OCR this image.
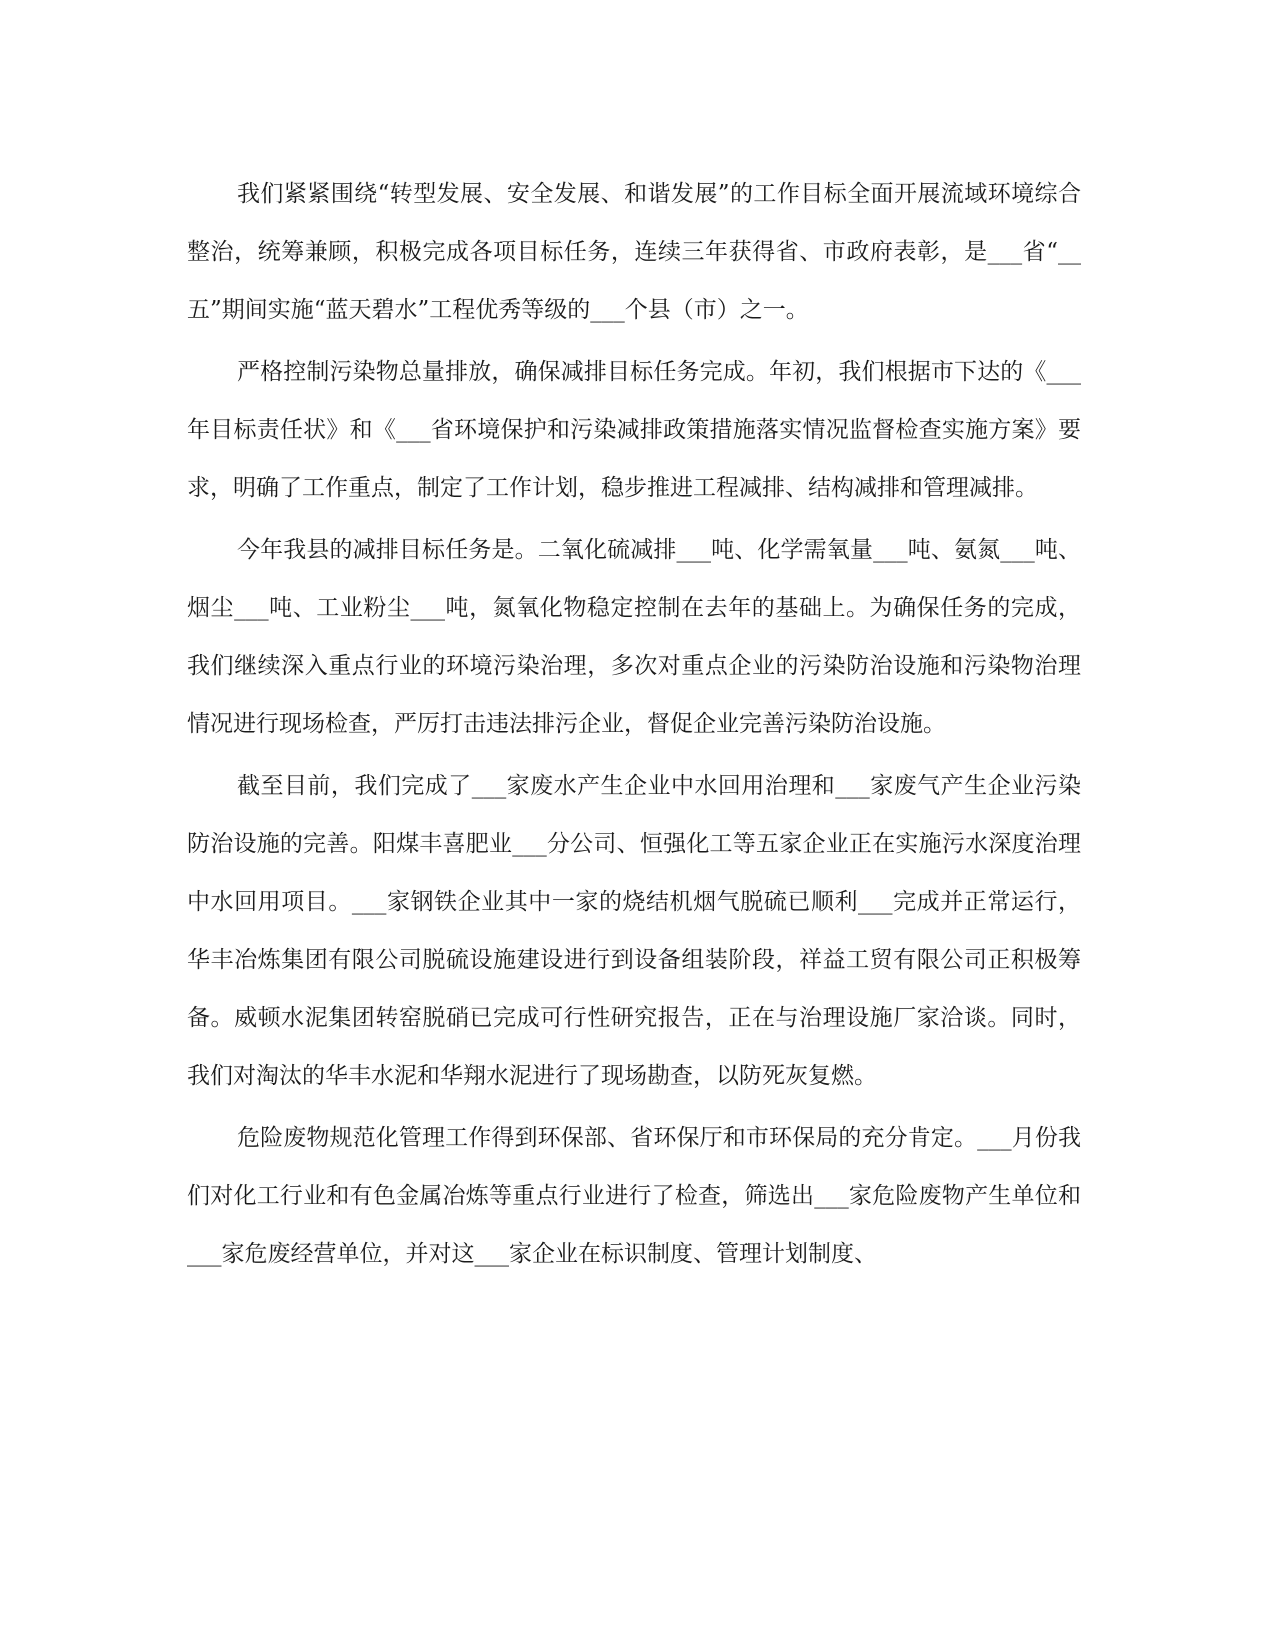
我们紧紧围绕“转型发展、安全发展、和谐发展”的工作目标全面开展流域环境综合整治，统筹兼顾，积极完成各项目标任务，连续三年获得省、市政府表彰，是___省“__五”期间实施“蓝天碧水”工程优秀等级的___个县（市）之一。

严格控制污染物总量排放，确保减排目标任务完成。年初，我们根据市下达的《___年目标责任状》和《___省环境保护和污染减排政策措施落实情况监督检查实施方案》要求，明确了工作重点，制定了工作计划，稳步推进工程减排、结构减排和管理减排。

今年我县的减排目标任务是。二氧化硫减排___吨、化学需氧量___吨、氨氮___吨、烟尘___吨、工业粉尘___吨，氮氧化物稳定控制在去年的基础上。为确保任务的完成，我们继续深入重点行业的环境污染治理，多次对重点企业的污染防治设施和污染物治理情况进行现场检查，严厉打击违法排污企业，督促企业完善污染防治设施。

截至目前，我们完成了___家废水产生企业中水回用治理和___家废气产生企业污染防治设施的完善。阳煤丰喜肥业___分公司、恒强化工等五家企业正在实施污水深度治理中水回用项目。___家钢铁企业其中一家的烧结机烟气脱硫已顺利___完成并正常运行，华丰冶炼集团有限公司脱硫设施建设进行到设备组装阶段，祥益工贸有限公司正积极筹备。威顿水泥集团转窑脱硝已完成可行性研究报告，正在与治理设施厂家洽谈。同时，我们对淘汰的华丰水泥和华翔水泥进行了现场勘查，以防死灰复燃。

危险废物规范化管理工作得到环保部、省环保厅和市环保局的充分肯定。___月份我们对化工行业和有色金属冶炼等重点行业进行了检查，筛选出___家危险废物产生单位和___家危废经营单位，并对这___家企业在标识制度、管理计划制度、
